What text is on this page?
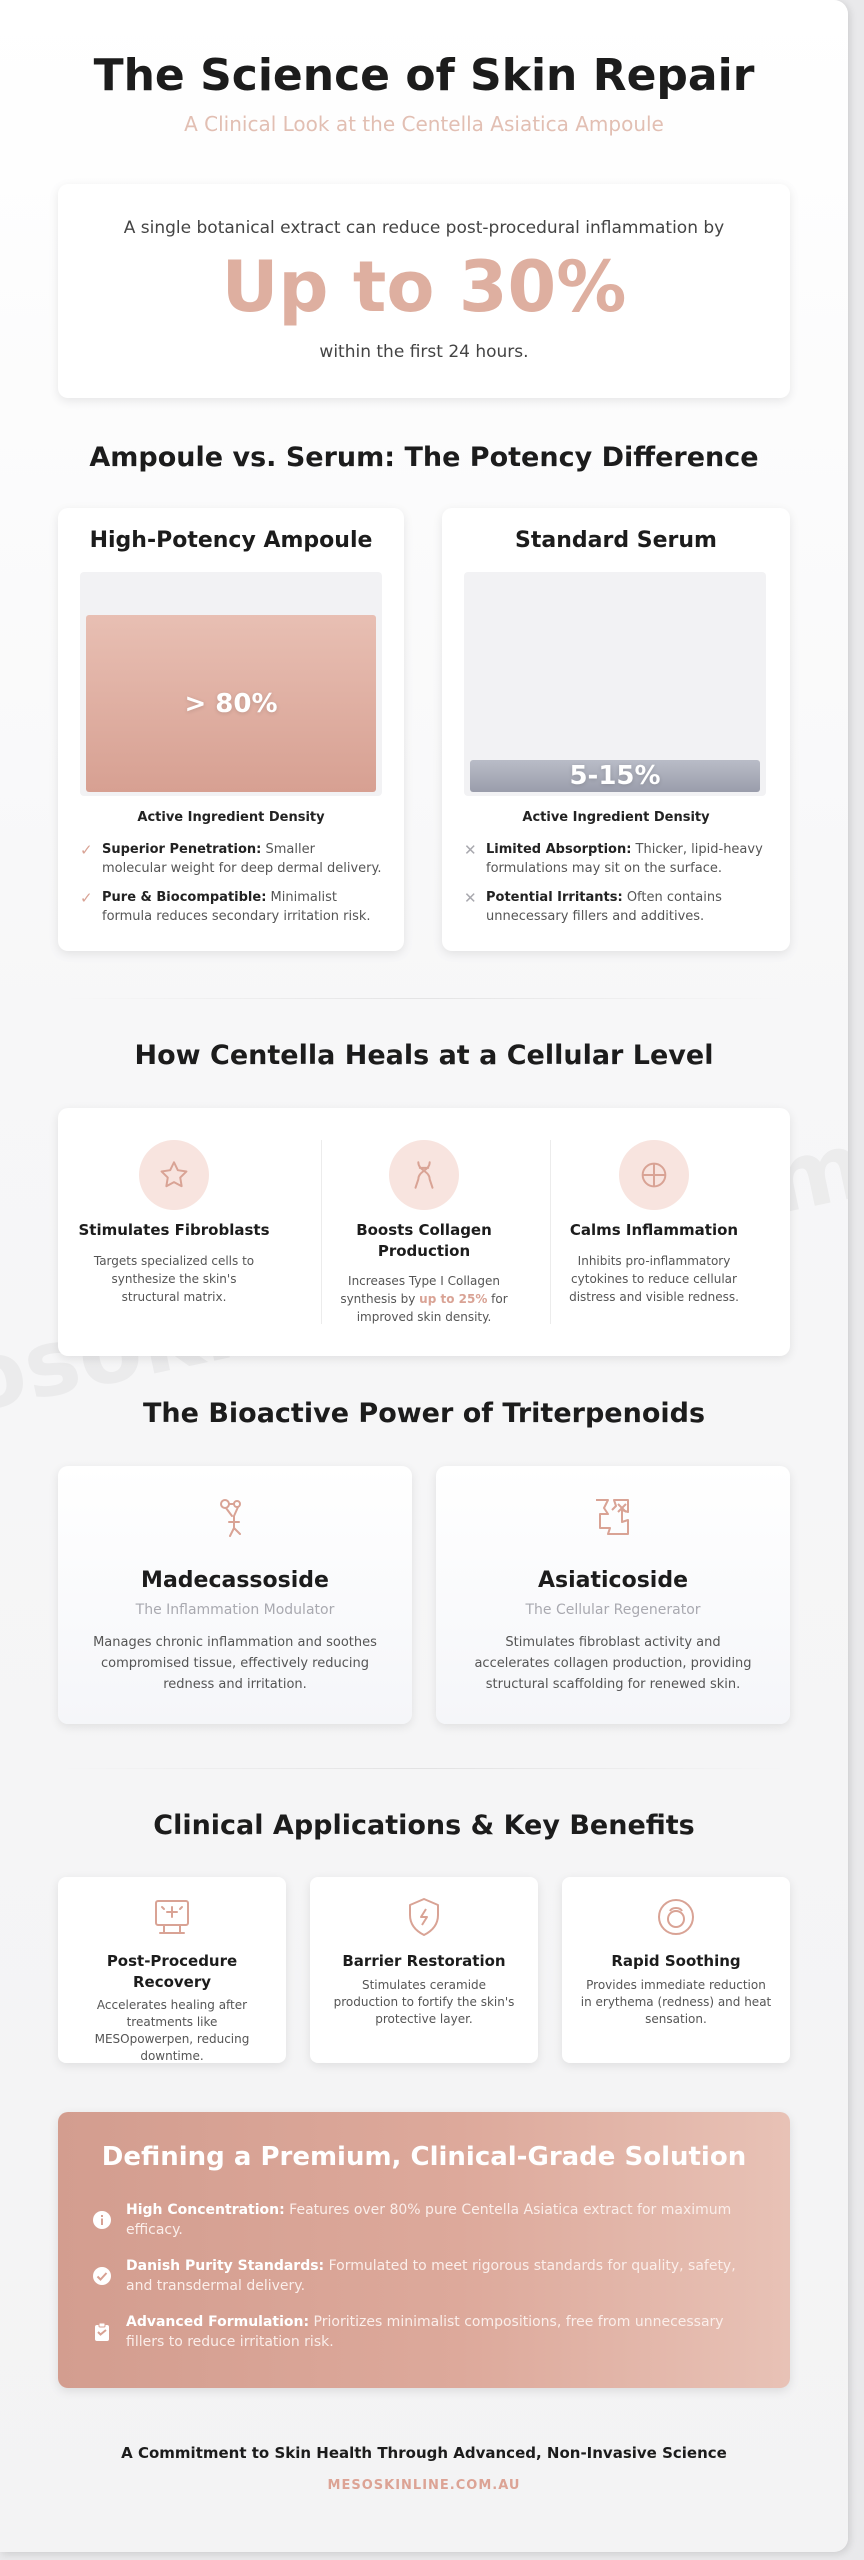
The Science of Skin Repair
A Clinical Look at the Centella Asiatica Ampoule
A single botanical extract can reduce post-procedural inflammation by
Up to 30%
within the first 24 hours.
Ampoule vs. Serum: The Potency Difference
High-Potency Ampoule
> 80%
Active Ingredient Density
✓ Superior Penetration: Smaller molecular weight for deep dermal delivery.
✓ Pure & Biocompatible: Minimalist formula reduces secondary irritation risk.
Standard Serum
5-15%
Active Ingredient Density
✕ Limited Absorption: Thicker, lipid-heavy formulations may sit on the surface.
✕ Potential Irritants: Often contains unnecessary fillers and additives.
How Centella Heals at a Cellular Level
Stimulates Fibroblasts
Targets specialized cells to synthesize the skin's structural matrix.
Boosts Collagen Production
Increases Type I Collagen synthesis by up to 25% for improved skin density.
Calms Inflammation
Inhibits pro-inflammatory cytokines to reduce cellular distress and visible redness.
The Bioactive Power of Triterpenoids
Madecassoside
The Inflammation Modulator
Manages chronic inflammation and soothes compromised tissue, effectively reducing redness and irritation.
Asiaticoside
The Cellular Regenerator
Stimulates fibroblast activity and accelerates collagen production, providing structural scaffolding for renewed skin.
Clinical Applications & Key Benefits
Post-Procedure Recovery
Accelerates healing after treatments like MESOpowerpen, reducing downtime.
Barrier Restoration
Stimulates ceramide production to fortify the skin's protective layer.
Rapid Soothing
Provides immediate reduction in erythema (redness) and heat sensation.
Defining a Premium, Clinical-Grade Solution
High Concentration: Features over 80% pure Centella Asiatica extract for maximum efficacy.
Danish Purity Standards: Formulated to meet rigorous standards for quality, safety, and transdermal delivery.
Advanced Formulation: Prioritizes minimalist compositions, free from unnecessary fillers to reduce irritation risk.
A Commitment to Skin Health Through Advanced, Non-Invasive Science
MESOSKINLINE.COM.AU
